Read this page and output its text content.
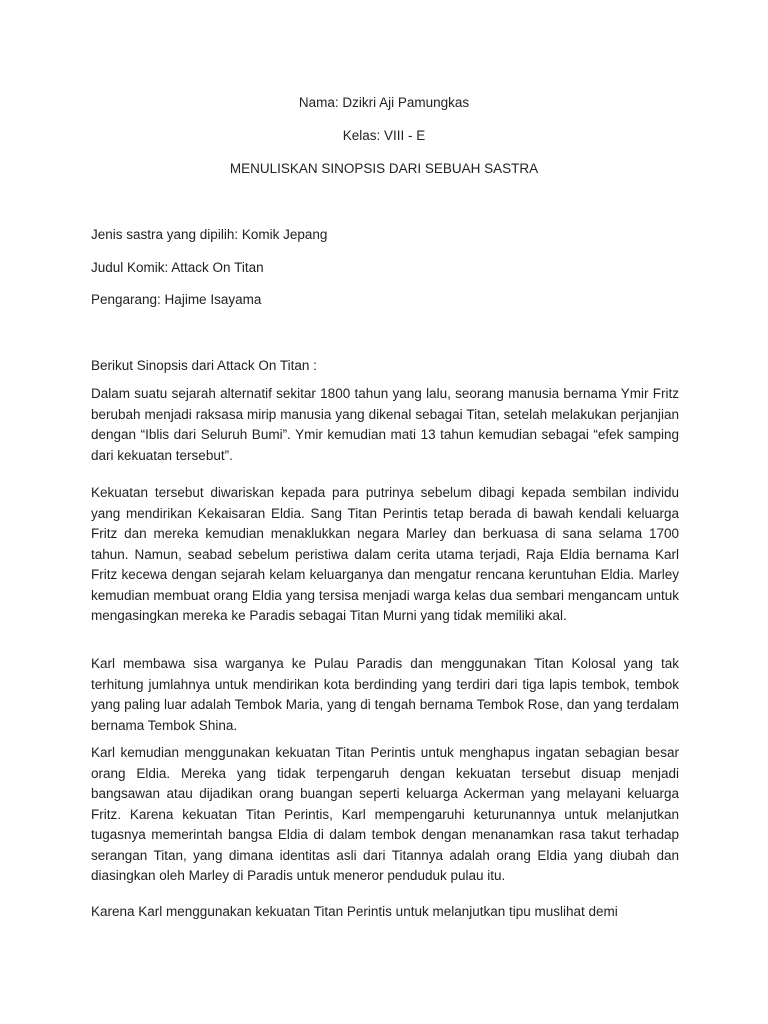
Nama: Dzikri Aji Pamungkas
Kelas: VIII - E
MENULISKAN SINOPSIS DARI SEBUAH SASTRA
Jenis sastra yang dipilih: Komik Jepang
Judul Komik: Attack On Titan
Pengarang: Hajime Isayama
Berikut Sinopsis dari Attack On Titan :

Dalam suatu sejarah alternatif sekitar 1800 tahun yang lalu, seorang manusia bernama Ymir Fritz berubah menjadi raksasa mirip manusia yang dikenal sebagai Titan, setelah melakukan perjanjian dengan “Iblis dari Seluruh Bumi”. Ymir kemudian mati 13 tahun kemudian sebagai “efek samping dari kekuatan tersebut”.

Kekuatan tersebut diwariskan kepada para putrinya sebelum dibagi kepada sembilan individu yang mendirikan Kekaisaran Eldia. Sang Titan Perintis tetap berada di bawah kendali keluarga Fritz dan mereka kemudian menaklukkan negara Marley dan berkuasa di sana selama 1700 tahun. Namun, seabad sebelum peristiwa dalam cerita utama terjadi, Raja Eldia bernama Karl Fritz kecewa dengan sejarah kelam keluarganya dan mengatur rencana keruntuhan Eldia. Marley kemudian membuat orang Eldia yang tersisa menjadi warga kelas dua sembari mengancam untuk mengasingkan mereka ke Paradis sebagai Titan Murni yang tidak memiliki akal.

Karl membawa sisa warganya ke Pulau Paradis dan menggunakan Titan Kolosal yang tak terhitung jumlahnya untuk mendirikan kota berdinding yang terdiri dari tiga lapis tembok, tembok yang paling luar adalah Tembok Maria, yang di tengah bernama Tembok Rose, dan yang terdalam bernama Tembok Shina.

Karl kemudian menggunakan kekuatan Titan Perintis untuk menghapus ingatan sebagian besar orang Eldia. Mereka yang tidak terpengaruh dengan kekuatan tersebut disuap menjadi bangsawan atau dijadikan orang buangan seperti keluarga Ackerman yang melayani keluarga Fritz. Karena kekuatan Titan Perintis, Karl mempengaruhi keturunannya untuk melanjutkan tugasnya memerintah bangsa Eldia di dalam tembok dengan menanamkan rasa takut terhadap serangan Titan, yang dimana identitas asli dari Titannya adalah orang Eldia yang diubah dan diasingkan oleh Marley di Paradis untuk meneror penduduk pulau itu.

Karena Karl menggunakan kekuatan Titan Perintis untuk melanjutkan tipu muslihat demi
